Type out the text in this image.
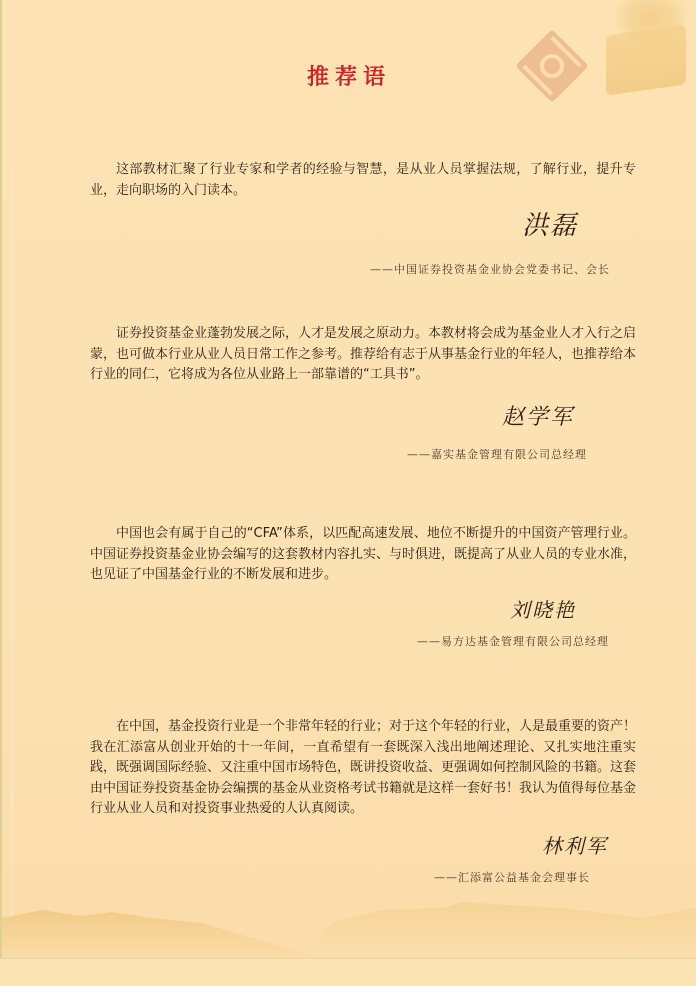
推荐语
这部教材汇聚了行业专家和学者的经验与智慧，是从业人员掌握法规，了解行业，提升专业，走向职场的入门读本。
洪磊
——中国证券投资基金业协会党委书记、会长
证券投资基金业蓬勃发展之际，人才是发展之原动力。本教材将会成为基金业人才入行之启蒙，也可做本行业从业人员日常工作之参考。推荐给有志于从事基金行业的年轻人，也推荐给本行业的同仁，它将成为各位从业路上一部靠谱的“工具书”。
赵学军
——嘉实基金管理有限公司总经理
中国也会有属于自己的“CFA”体系，以匹配高速发展、地位不断提升的中国资产管理行业。中国证券投资基金业协会编写的这套教材内容扎实、与时俱进，既提高了从业人员的专业水准，也见证了中国基金行业的不断发展和进步。
刘晓艳
——易方达基金管理有限公司总经理
在中国，基金投资行业是一个非常年轻的行业；对于这个年轻的行业，人是最重要的资产！我在汇添富从创业开始的十一年间，一直希望有一套既深入浅出地阐述理论、又扎实地注重实践，既强调国际经验、又注重中国市场特色，既讲投资收益、更强调如何控制风险的书籍。这套由中国证券投资基金协会编撰的基金从业资格考试书籍就是这样一套好书！我认为值得每位基金行业从业人员和对投资事业热爱的人认真阅读。
林利军
——汇添富公益基金会理事长
